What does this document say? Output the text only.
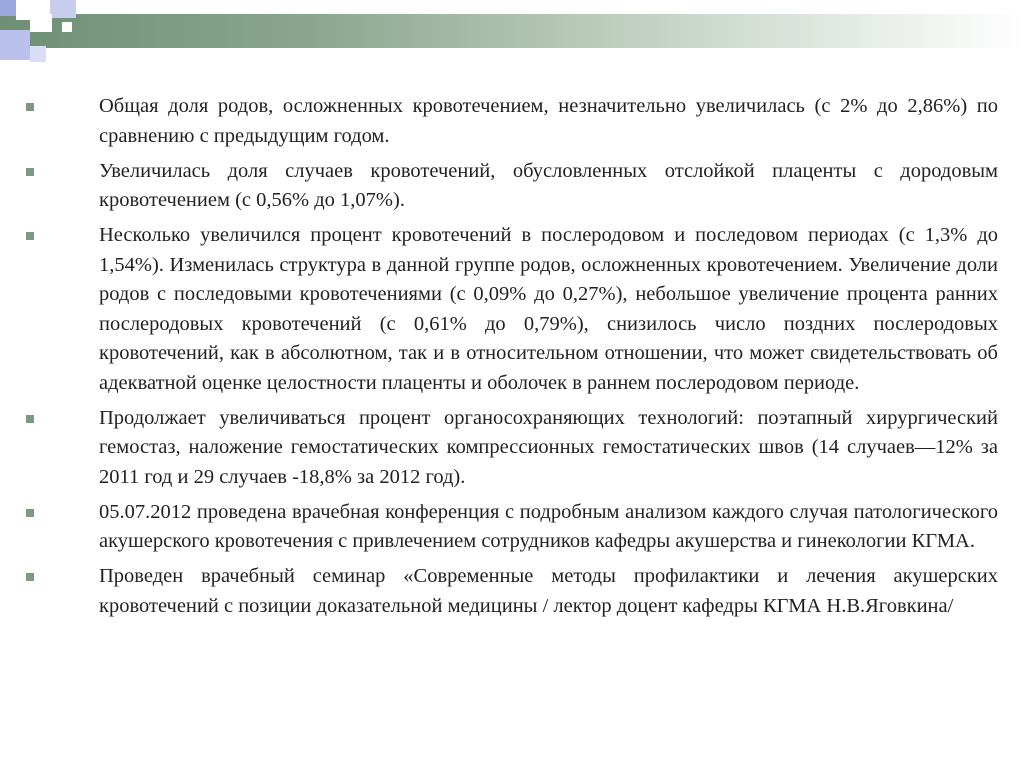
Общая доля родов, осложненных кровотечением, незначительно увеличилась (с 2% до 2,86%) по сравнению с предыдущим годом.
Увеличилась доля случаев кровотечений, обусловленных отслойкой плаценты с дородовым кровотечением (с 0,56% до 1,07%).
Несколько увеличился процент кровотечений в послеродовом и последовом периодах (с 1,3% до 1,54%). Изменилась структура в данной группе родов, осложненных кровотечением. Увеличение доли родов с последовыми кровотечениями (с 0,09% до 0,27%), небольшое увеличение процента ранних послеродовых кровотечений (с 0,61% до 0,79%), снизилось число поздних послеродовых кровотечений, как в абсолютном, так и в относительном отношении, что может свидетельствовать об адекватной оценке целостности плаценты и оболочек в раннем послеродовом периоде.
Продолжает увеличиваться процент органосохраняющих технологий: поэтапный хирургический гемостаз, наложение гемостатических компрессионных гемостатических швов (14 случаев—12% за 2011 год и 29 случаев -18,8% за 2012 год).
05.07.2012 проведена врачебная конференция с подробным анализом каждого случая патологического акушерского кровотечения с привлечением сотрудников кафедры акушерства и гинекологии КГМА.
Проведен врачебный семинар «Современные методы профилактики и лечения акушерских кровотечений с позиции доказательной медицины / лектор доцент кафедры КГМА Н.В.Яговкина/
